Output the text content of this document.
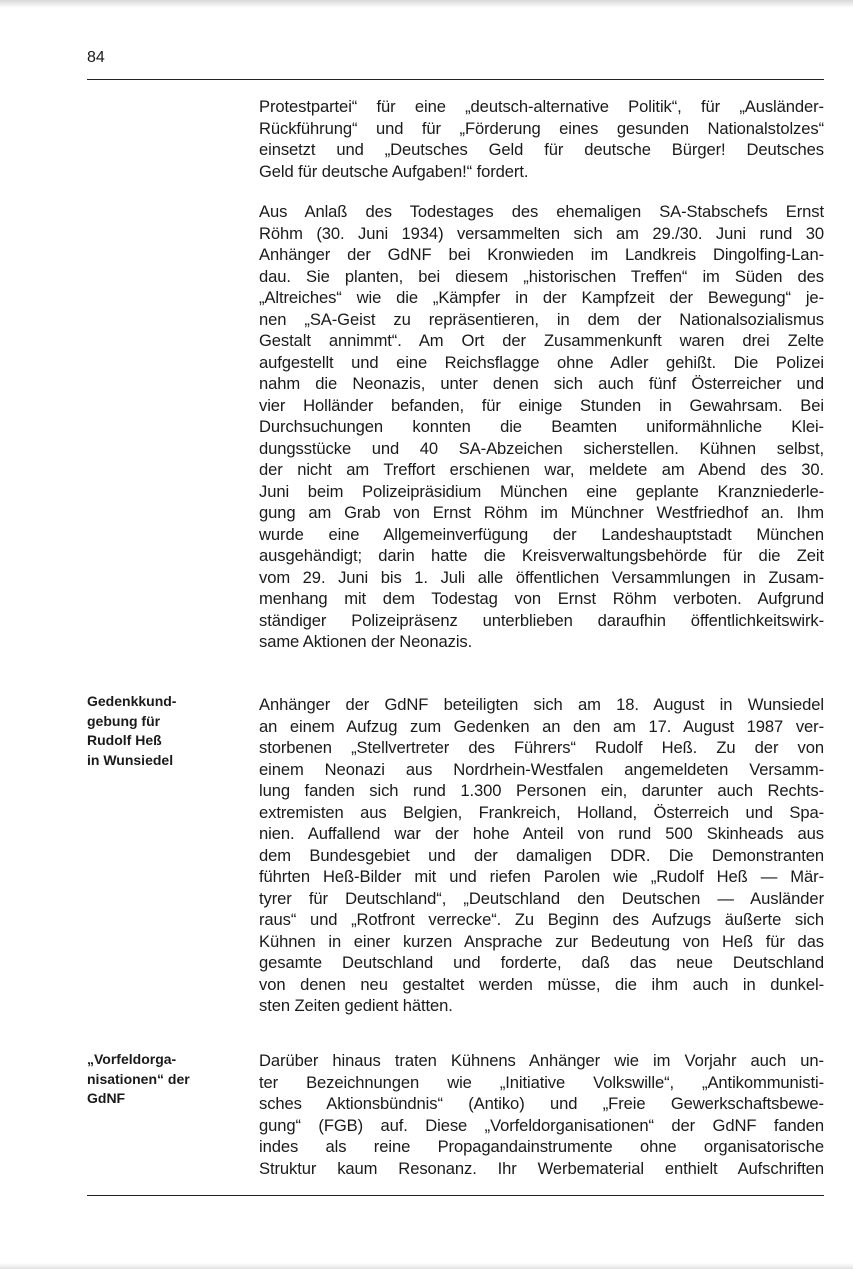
84

Protestpartei“ für eine „deutsch-alternative Politik“, für „Ausländer-
Rückführung“ und für „Förderung eines gesunden Nationalstolzes“
einsetzt und „Deutsches Geld für deutsche Bürger! Deutsches
Geld für deutsche Aufgaben!“ fordert.

Aus Anlaß des Todestages des ehemaligen SA-Stabschefs Ernst
Röhm (30. Juni 1934) versammelten sich am 29./30. Juni rund 30
Anhänger der GdNF bei Kronwieden im Landkreis Dingolfing-Lan-
dau. Sie planten, bei diesem „historischen Treffen“ im Süden des
„Altreiches“ wie die „Kämpfer in der Kampfzeit der Bewegung“ je-
nen „SA-Geist zu repräsentieren, in dem der Nationalsozialismus
Gestalt annimmt“. Am Ort der Zusammenkunft waren drei Zelte
aufgestellt und eine Reichsflagge ohne Adler gehißt. Die Polizei
nahm die Neonazis, unter denen sich auch fünf Österreicher und
vier Holländer befanden, für einige Stunden in Gewahrsam. Bei
Durchsuchungen konnten die Beamten uniformähnliche Klei-
dungsstücke und 40 SA-Abzeichen sicherstellen. Kühnen selbst,
der nicht am Treffort erschienen war, meldete am Abend des 30.
Juni beim Polizeipräsidium München eine geplante Kranzniederle-
gung am Grab von Ernst Röhm im Münchner Westfriedhof an. Ihm
wurde eine Allgemeinverfügung der Landeshauptstadt München
ausgehändigt; darin hatte die Kreisverwaltungsbehörde für die Zeit
vom 29. Juni bis 1. Juli alle öffentlichen Versammlungen in Zusam-
menhang mit dem Todestag von Ernst Röhm verboten. Aufgrund
ständiger Polizeipräsenz unterblieben daraufhin öffentlichkeitswirk-
same Aktionen der Neonazis.

Gedenkkund-
gebung für
Rudolf Heß
in Wunsiedel

Anhänger der GdNF beteiligten sich am 18. August in Wunsiedel
an einem Aufzug zum Gedenken an den am 17. August 1987 ver-
storbenen „Stellvertreter des Führers“ Rudolf Heß. Zu der von
einem Neonazi aus Nordrhein-Westfalen angemeldeten Versamm-
lung fanden sich rund 1.300 Personen ein, darunter auch Rechts-
extremisten aus Belgien, Frankreich, Holland, Österreich und Spa-
nien. Auffallend war der hohe Anteil von rund 500 Skinheads aus
dem Bundesgebiet und der damaligen DDR. Die Demonstranten
führten Heß-Bilder mit und riefen Parolen wie „Rudolf Heß — Mär-
tyrer für Deutschland“, „Deutschland den Deutschen — Ausländer
raus“ und „Rotfront verrecke“. Zu Beginn des Aufzugs äußerte sich
Kühnen in einer kurzen Ansprache zur Bedeutung von Heß für das
gesamte Deutschland und forderte, daß das neue Deutschland
von denen neu gestaltet werden müsse, die ihm auch in dunkel-
sten Zeiten gedient hätten.

„Vorfeldorga-
nisationen“ der
GdNF

Darüber hinaus traten Kühnens Anhänger wie im Vorjahr auch un-
ter Bezeichnungen wie „Initiative Volkswille“, „Antikommunisti-
sches Aktionsbündnis“ (Antiko) und „Freie Gewerkschaftsbewe-
gung“ (FGB) auf. Diese „Vorfeldorganisationen“ der GdNF fanden
indes als reine Propagandainstrumente ohne organisatorische
Struktur kaum Resonanz. Ihr Werbematerial enthielt Aufschriften
